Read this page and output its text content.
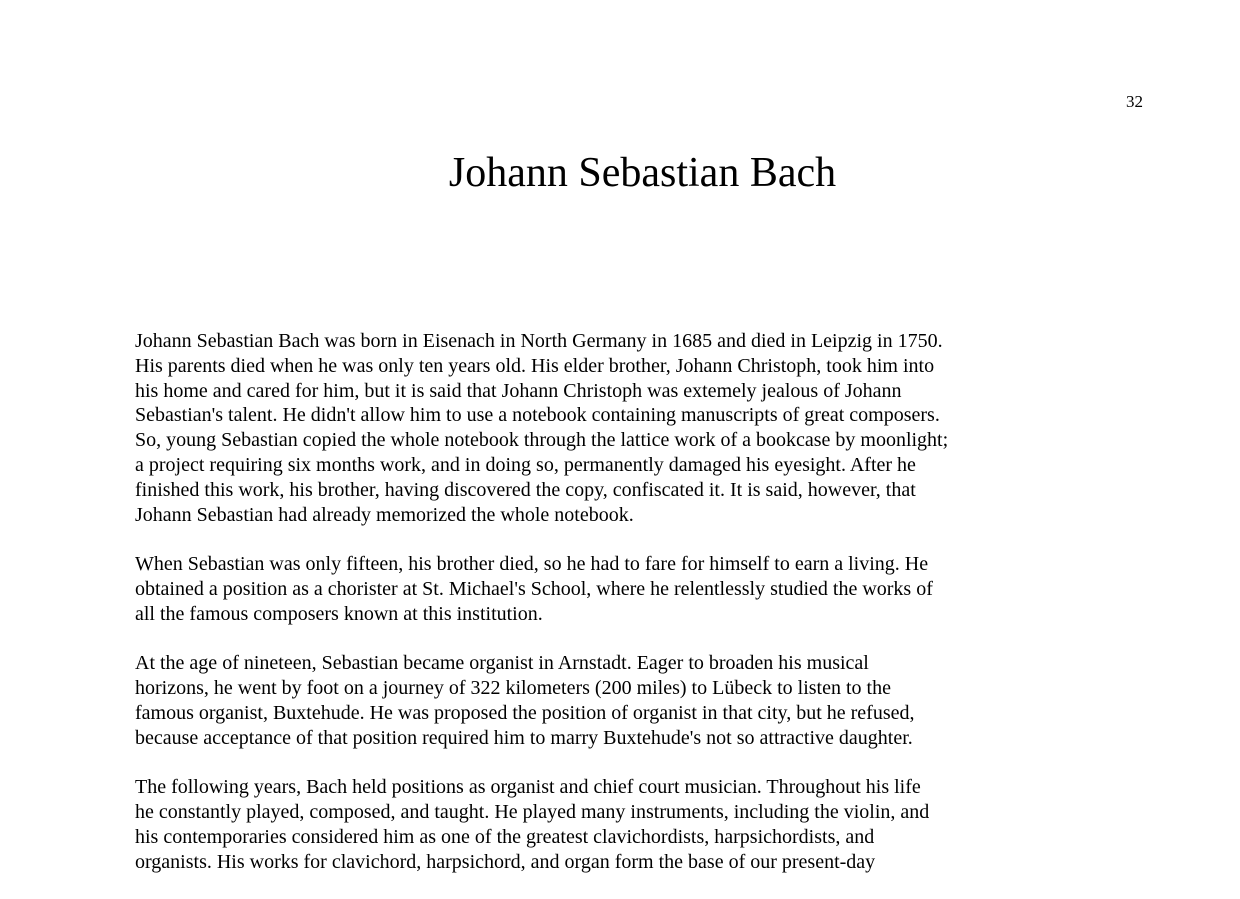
32
Johann Sebastian Bach

Johann Sebastian Bach was born in Eisenach in North Germany in 1685 and died in Leipzig in 1750.
His parents died when he was only ten years old. His elder brother, Johann Christoph, took him into
his home and cared for him, but it is said that Johann Christoph was extemely jealous of Johann
Sebastian's talent. He didn't allow him to use a notebook containing manuscripts of great composers.
So, young Sebastian copied the whole notebook through the lattice work of a bookcase by moonlight;
a project requiring six months work, and in doing so, permanently damaged his eyesight. After he
finished this work, his brother, having discovered the copy, confiscated it. It is said, however, that
Johann Sebastian had already memorized the whole notebook.

When Sebastian was only fifteen, his brother died, so he had to fare for himself to earn a living. He
obtained a position as a chorister at St. Michael's School, where he relentlessly studied the works of
all the famous composers known at this institution.

At the age of nineteen, Sebastian became organist in Arnstadt. Eager to broaden his musical
horizons, he went by foot on a journey of 322 kilometers (200 miles) to Lübeck to listen to the
famous organist, Buxtehude. He was proposed the position of organist in that city, but he refused,
because acceptance of that position required him to marry Buxtehude's not so attractive daughter.

The following years, Bach held positions as organist and chief court musician. Throughout his life
he constantly played, composed, and taught. He played many instruments, including the violin, and
his contemporaries considered him as one of the greatest clavichordists, harpsichordists, and
organists. His works for clavichord, harpsichord, and organ form the base of our present-day
